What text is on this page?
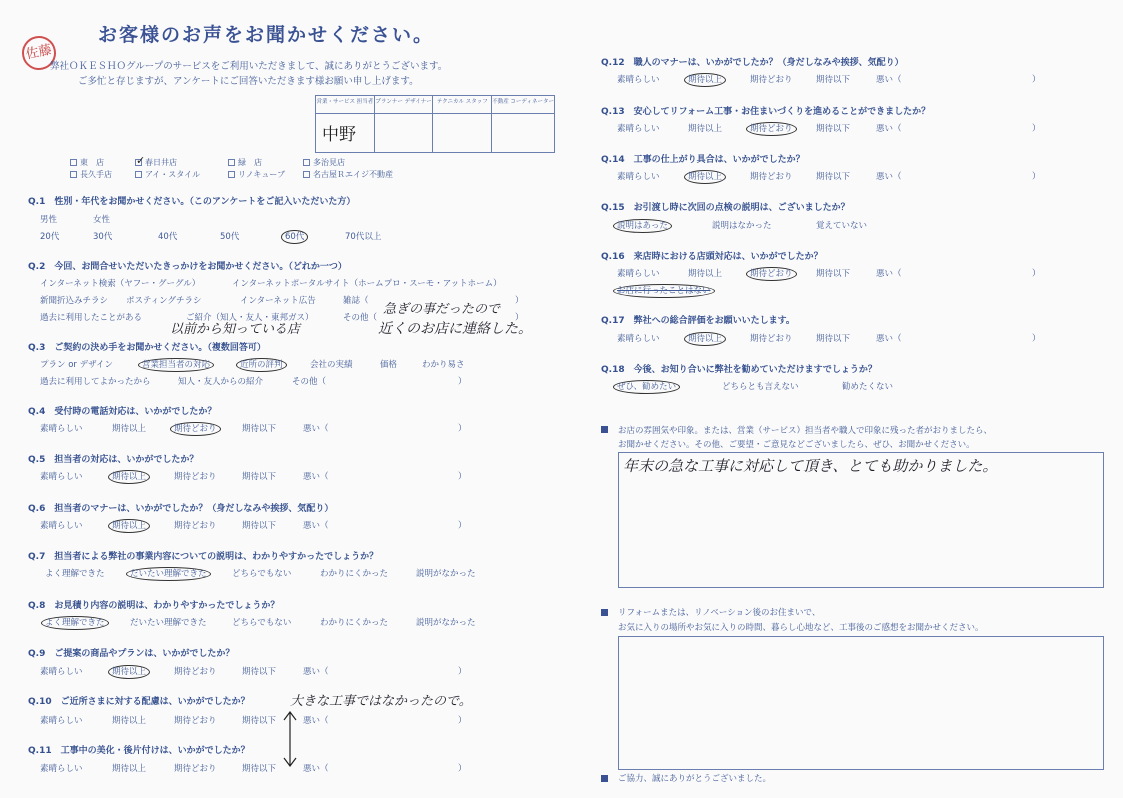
佐藤
お客様のお声をお聞かせください。
弊社ＯＫＥＳＨＯグループのサービスをご利用いただきまして、誠にありがとうございます。
ご多忙と存じますが、アンケートにご回答いただきます様お願い申し上げます。
営業・サービス 担当者
中野
プランナー デザイナー テクニカル スタッフ 不動産 コーディネーター
東　店
✓	春日井店	緑　店	多治見店
長久手店	アイ・スタイル	リノキューブ	名古屋Ｒエイジ不動産
Q.1　 性別・年代をお聞かせください。（このアンケートをご記入いただいた方）
男性	女性
20代	30代	40代	50代	60代	70代以上
Q.2　 今回、お問合せいただいたきっかけをお聞かせください。（どれか一つ）
インターネット検索（ヤフー・グーグル）	インターネットポータルサイト（ホームプロ・スーモ・アットホーム）
新聞折込みチラシ ポスティングチラシ	インターネット広告	雑誌（	）
過去に利用したことがある	ご紹介（知人・友人・東邦ガス）	その他（	）
急ぎの事だったので
近くのお店に連絡した。
以前から知っている店
Q.3　 ご契約の決め手をお聞かせください。（複数回答可）
プラン or デザイン	営業担当者の対応	近所の評判	会社の実績	価格	わかり易さ
過去に利用してよかったから	知人・友人からの紹介	その他（	）
Q.4　 受付時の電話対応は、いかがでしたか？
素晴らしい	期待以上	期待どおり	期待以下	悪い（	）
Q.5　 担当者の対応は、いかがでしたか？
素晴らしい	期待以上	期待どおり	期待以下	悪い（	）
Q.6　 担当者のマナーは、いかがでしたか？（身だしなみや挨拶、気配り）
素晴らしい	期待以上	期待どおり	期待以下	悪い（	）
Q.7　 担当者による弊社の事業内容についての説明は、わかりやすかったでしょうか？
よく理解できた	だいたい理解できた	どちらでもない	わかりにくかった	説明がなかった
Q.8　 お見積り内容の説明は、わかりやすかったでしょうか？
よく理解できた	だいたい理解できた	どちらでもない	わかりにくかった	説明がなかった
Q.9　 ご提案の商品やプランは、いかがでしたか？
素晴らしい	期待以上	期待どおり	期待以下	悪い（	）
Q.10　 ご近所さまに対する配慮は、いかがでしたか？	大きな工事ではなかったので。
素晴らしい	期待以上	期待どおり	期待以下	悪い（	）
Q.11　 工事中の美化・後片付けは、いかがでしたか？
素晴らしい	期待以上	期待どおり	期待以下	悪い（	）
Q.12　 職人のマナーは、いかがでしたか？（身だしなみや挨拶、気配り）
素晴らしい	期待以上	期待どおり	期待以下	悪い（	）
Q.13　 安心してリフォーム工事・お住まいづくりを進めることができましたか？
素晴らしい	期待以上	期待どおり	期待以下	悪い（	）
Q.14　 工事の仕上がり具合は、いかがでしたか？
素晴らしい	期待以上	期待どおり	期待以下	悪い（	）
Q.15　 お引渡し時に次回の点検の説明は、ございましたか？
説明はあった	説明はなかった	覚えていない
Q.16　 来店時における店頭対応は、いかがでしたか？
素晴らしい	期待以上	期待どおり	期待以下	悪い（	）
お店に行ったことはない
Q.17　 弊社への総合評価をお願いいたします。
素晴らしい	期待以上	期待どおり	期待以下	悪い（	）
Q.18　 今後、お知り合いに弊社を勧めていただけますでしょうか？
ぜひ、勧めたい	どちらとも言えない	勧めたくない
お店の雰囲気や印象。または、営業（サービス）担当者や職人で印象に残った者がおりましたら、
お聞かせください。その他、ご要望・ご意見などございましたら、ぜひ、お聞かせください。
年末の急な工事に対応して頂き、とても助かりました。
リフォームまたは、リノベーション後のお住まいで、
お気に入りの場所やお気に入りの時間、暮らし心地など、工事後のご感想をお聞かせください。
ご協力、誠にありがとうございました。
